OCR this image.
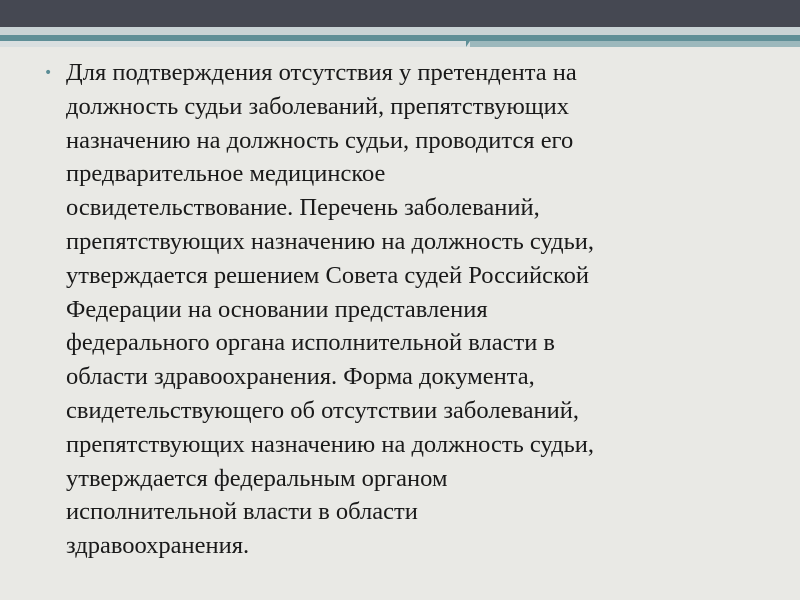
• Для подтверждения отсутствия у претендента на
должность судьи заболеваний, препятствующих
назначению на должность судьи, проводится его
предварительное медицинское
освидетельствование. Перечень заболеваний,
препятствующих назначению на должность судьи,
утверждается решением Совета судей Российской
Федерации на основании представления
федерального органа исполнительной власти в
области здравоохранения. Форма документа,
свидетельствующего об отсутствии заболеваний,
препятствующих назначению на должность судьи,
утверждается федеральным органом
исполнительной власти в области
здравоохранения.
